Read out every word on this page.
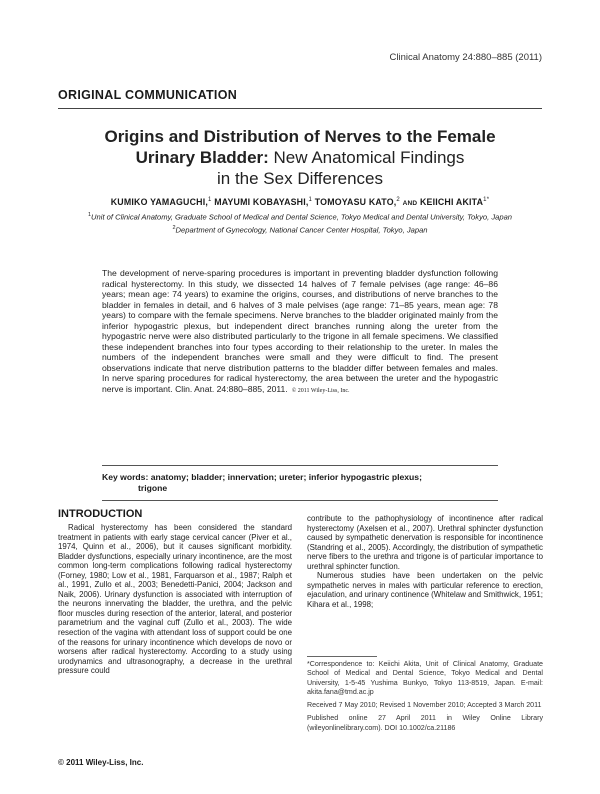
Clinical Anatomy 24:880–885 (2011)
ORIGINAL COMMUNICATION
Origins and Distribution of Nerves to the Female
Urinary Bladder: New Anatomical Findings
in the Sex Differences
KUMIKO YAMAGUCHI,$^1$ MAYUMI KOBAYASHI,$^1$ TOMOYASU KATO,$^2$ AND KEIICHI $AKITA^{1*}$
$^1$Unit of Clinical Anatomy, Graduate School of Medical and Dental Science, Tokyo Medical and Dental University, Tokyo, Japan
$^2$Department of Gynecology, National Cancer Center Hospital, Tokyo, Japan
The development of nerve-sparing procedures is important in preventing bladder dysfunction following radical hysterectomy. In this study, we dissected 14 halves of 7 female pelvises (age range: 46–86 years; mean age: 74 years) to examine the origins, courses, and distributions of nerve branches to the bladder in females in detail, and 6 halves of 3 male pelvises (age range: 71–85 years, mean age: 78 years) to compare with the female specimens. Nerve branches to the bladder originated mainly from the inferior hypogastric plexus, but independent direct branches running along the ureter from the hypogastric nerve were also distributed particularly to the trigone in all female specimens. We classified these independent branches into four types according to their relationship to the ureter. In males the numbers of the independent branches were small and they were difficult to find. The present observations indicate that nerve distribution patterns to the bladder differ between females and males. In nerve sparing procedures for radical hysterectomy, the area between the ureter and the hypogastric nerve is important. Clin. Anat. 24:880–885, 2011. © 2011 Wiley-Liss, Inc.
Key words: anatomy; bladder; innervation; ureter; inferior hypogastric plexus;
trigone
INTRODUCTION

Radical hysterectomy has been considered the standard treatment in patients with early stage cervical cancer (Piver et al., 1974, Quinn et al., 2006), but it causes significant morbidity. Bladder dysfunctions, especially urinary incontinence, are the most common long-term complications following radical hysterectomy (Forney, 1980; Low et al., 1981, Farquarson et al., 1987; Ralph et al., 1991, Zullo et al., 2003; Benedetti-Panici, 2004; Jackson and Naik, 2006). Urinary dysfunction is associated with interruption of the neurons innervating the bladder, the urethra, and the pelvic floor muscles during resection of the anterior, lateral, and posterior parametrium and the vaginal cuff (Zullo et al., 2003). The wide resection of the vagina with attendant loss of support could be one of the reasons for urinary incontinence which develops de novo or worsens after radical hysterectomy. According to a study using urodynamics and ultrasonography, a decrease in the urethral pressure could

contribute to the pathophysiology of incontinence after radical hysterectomy (Axelsen et al., 2007). Urethral sphincter dysfunction caused by sympathetic denervation is responsible for incontinence (Standring et al., 2005). Accordingly, the distribution of sympathetic nerve fibers to the urethra and trigone is of particular importance to urethral sphincter function.

Numerous studies have been undertaken on the pelvic sympathetic nerves in males with particular reference to erection, ejaculation, and urinary continence (Whitelaw and Smithwick, 1951; Kihara et al., 1998;

*Correspondence to: Keiichi Akita, Unit of Clinical Anatomy, Graduate School of Medical and Dental Science, Tokyo Medical and Dental University, 1-5-45 Yushima Bunkyo, Tokyo 113-8519, Japan. E-mail: akita.fana@tmd.ac.jp

Received 7 May 2010; Revised 1 November 2010; Accepted 3 March 2011

Published online 27 April 2011 in Wiley Online Library (wileyonlinelibrary.com). DOI 10.1002/ca.21186

© 2011 Wiley-Liss, Inc.
